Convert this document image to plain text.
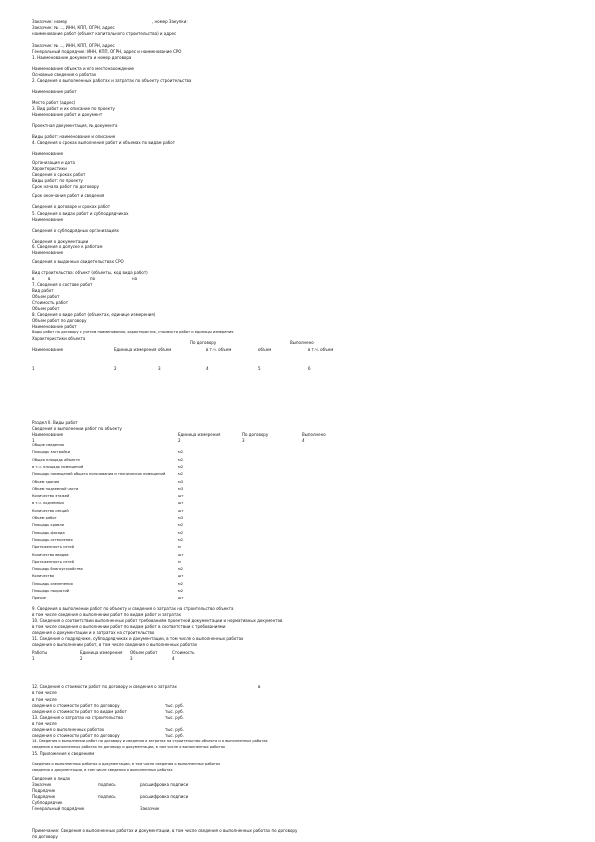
Заказчик: номер	, номер Закупки:
Заказчик: № ..., ИНН, КПП, ОГРН, адрес
наименование работ (объект капитального строительства) и адрес
Заказчик: № ..., ИНН, КПП, ОГРН, адрес
Генеральный подрядчик: ИНН, КПП, ОГРН, адрес и наименование СРО
1. Наименование документа и номер договора
Наименование объекта и его местонахождение
Основные сведения о работах
2. Сведения о выполненных работах и затратах по объекту строительства
Наименование работ
Место работ (адрес)
3. Вид работ и их описание по проекту
Наименование работ и документ
Проектная документация, № документа
Виды работ: наименование и описание
4. Сведения о сроках выполнения работ и объемах по видам работ
Наименование
Организация и дата
Характеристики
Сведения о сроках работ
Виды работ: по проекту
Срок начала работ по договору
Срок окончания работ и сведения
Сведения о договоре и сроках работ
5. Сведения о видах работ и субподрядчиках
Наименование
Сведения о субподрядных организациях
Сведения о документации
6. Сведения о допуске к работам
Наименование
Сведения о выданных свидетельствах СРО
Вид строительства: объект (объекты, код вида работ)
в	в	по	на
7. Сведения о составе работ
Вид работ
Объем работ
Стоимость работ
Объем работ
8. Сведения о виде работ (объектах, единице измерения)
Объем работ по договору
Наименование работ
Виды работ по договору с учетом наименования, характеристик, стоимости работ и единицы измерения
Характеристики объекта
По договору	Выполнено
Наименование	Единица измерения объем	в т.ч. объем	объем	в т.ч. объем
1	2	3	4	5	6
Раздел II. Виды работ
Сведения о выполнении работ по объекту
Наименование	Единица измерения	По договору	Выполнено
1	2	3	4
Общие сведения
Площадь застройки	м2
Общая площадь объекта	м2
в т.ч. площадь помещений	м2
Площадь помещений общего пользования и технических помещений	м2
Объем здания	м3
Объем подземной части	м3
Количество этажей	шт
в т.ч. подземных	шт
Количество секций	шт
Объем работ	м3
Площадь кровли	м2
Площадь фасада	м2
Площадь остекления	м2
Протяженность сетей	м
Количество вводов	шт
Протяженность сетей	м
Площадь благоустройства	м2
Количество	шт
Площадь озеленения	м2
Площадь покрытий	м2
Прочие	шт
9. Сведения о выполнении работ по объекту и сведения о затратах на строительство объекта
в том числе сведения о выполнении работ по видам работ и затратах
10. Сведения о соответствии выполненных работ требованиям проектной документации и нормативных документов
в том числе сведения о выполнении работ по видам работ в соответствии с требованиями
сведения о документации и о затратах на строительство
11. Сведения о подрядчике, субподрядчиках и документации, в том числе о выполненных работах
сведения о выполнении работ, в том числе сведения о выполненных работах
Работы	Единица измерения Объем работ	Стоимость
1	2	3	4
12. Сведения о стоимости работ по договору и сведения о затратах	в
в том числе
в том числе
сведения о стоимости работ по договору	тыс. руб.
сведения о стоимости работ по видам работ	тыс. руб.
13. Сведения о затратах на строительство	тыс. руб.
в том числе
сведения о выполненных работах	тыс. руб.
сведения о стоимости работ по договору	тыс. руб.
14. Сведения о выполнении работ по договору и сведения о затратах на строительство объекта и о выполненных работах
сведения о выполненных работах по договору и документации, в том числе о выполненных работах
15. Приложения к сведениям
Сведения о выполненных работах и документации, в том числе сведения о выполненных работах
сведения о документации, в том числе сведения о выполненных работах
Сведения о лицах
Заказчик	подпись	расшифровка подписи
Подрядчик
Подрядчик	подпись	расшифровка подписи
Субподрядчик
Генеральный подрядчик	Заказчик
Примечание: Сведения о выполненных работах и документации, в том числе сведения о выполненных работах по договору
по договору
